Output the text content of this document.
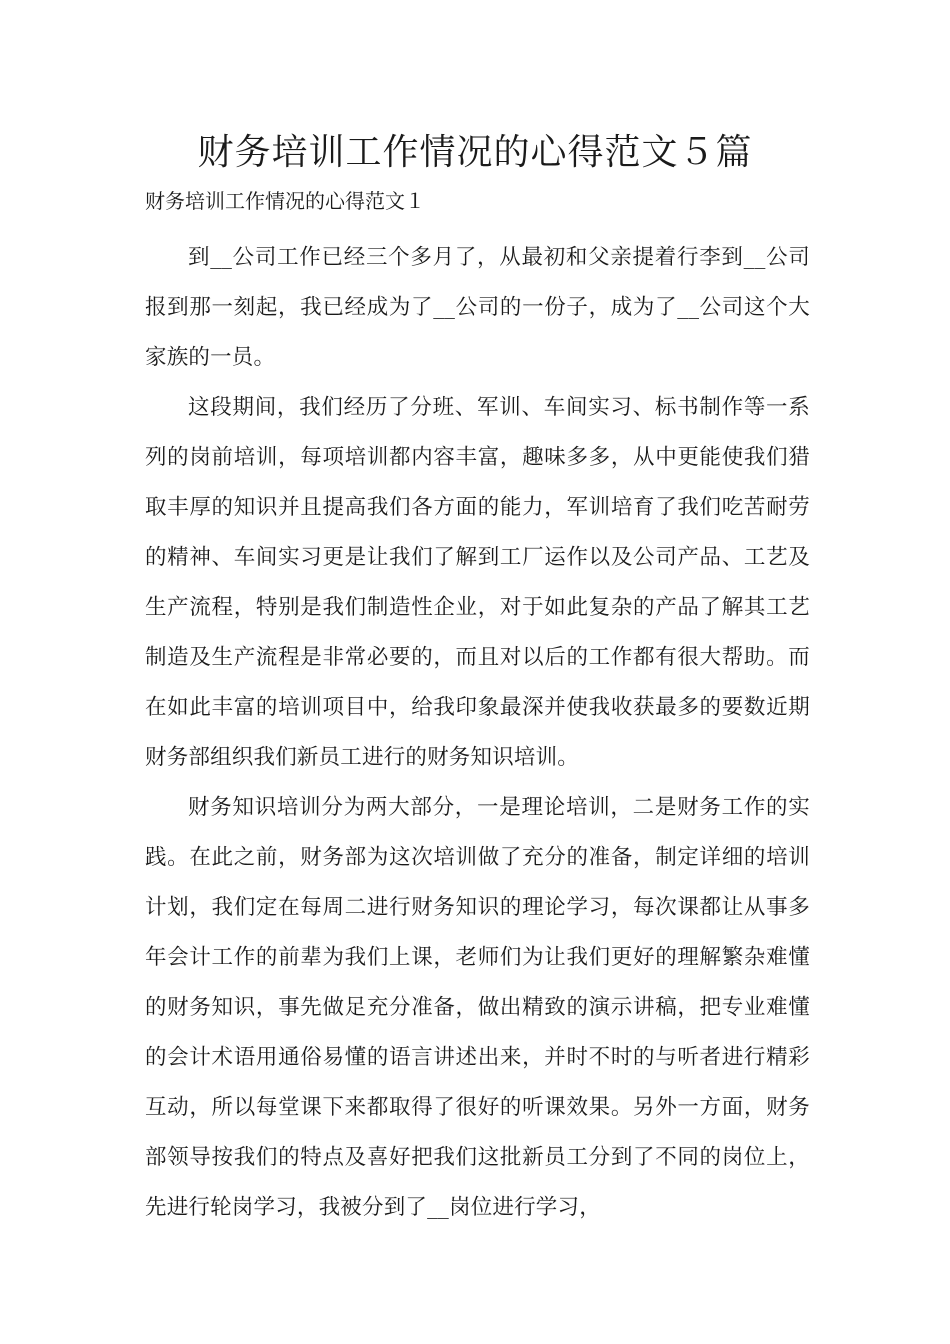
财务培训工作情况的心得范文５篇

财务培训工作情况的心得范文１

到__公司工作已经三个多月了，从最初和父亲提着行李到__公司报到那一刻起，我已经成为了__公司的一份子，成为了__公司这个大家族的一员。

这段期间，我们经历了分班、军训、车间实习、标书制作等一系列的岗前培训，每项培训都内容丰富，趣味多多，从中更能使我们猎取丰厚的知识并且提高我们各方面的能力，军训培育了我们吃苦耐劳的精神、车间实习更是让我们了解到工厂运作以及公司产品、工艺及生产流程，特别是我们制造性企业，对于如此复杂的产品了解其工艺制造及生产流程是非常必要的，而且对以后的工作都有很大帮助。而在如此丰富的培训项目中，给我印象最深并使我收获最多的要数近期财务部组织我们新员工进行的财务知识培训。

财务知识培训分为两大部分，一是理论培训，二是财务工作的实践。在此之前，财务部为这次培训做了充分的准备，制定详细的培训计划，我们定在每周二进行财务知识的理论学习，每次课都让从事多年会计工作的前辈为我们上课，老师们为让我们更好的理解繁杂难懂的财务知识，事先做足充分准备，做出精致的演示讲稿，把专业难懂的会计术语用通俗易懂的语言讲述出来，并时不时的与听者进行精彩互动，所以每堂课下来都取得了很好的听课效果。另外一方面，财务部领导按我们的特点及喜好把我们这批新员工分到了不同的岗位上，先进行轮岗学习，我被分到了__岗位进行学习，
